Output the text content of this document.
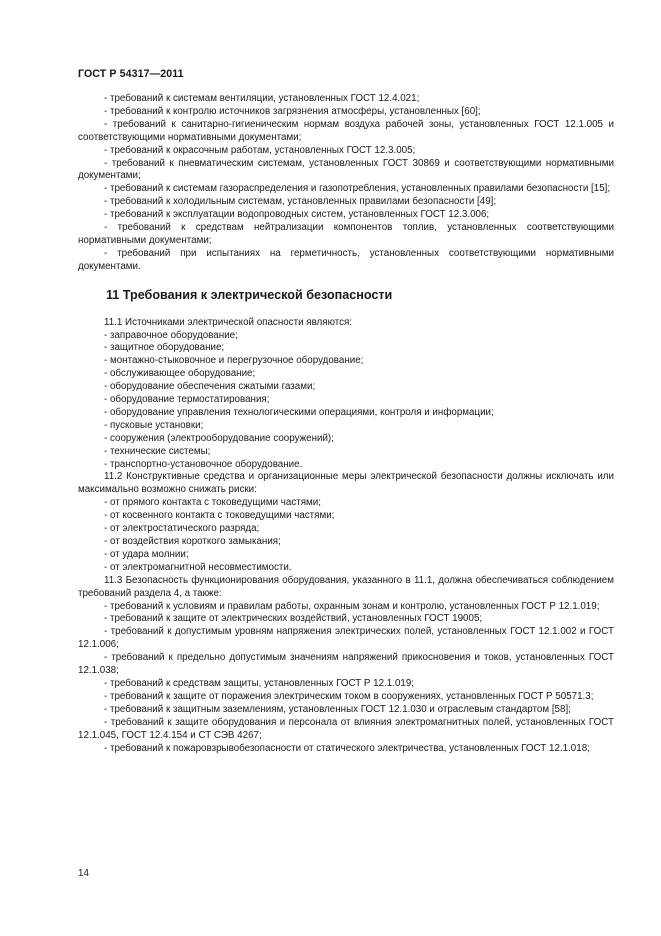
ГОСТ Р 54317—2011

- требований к системам вентиляции, установленных ГОСТ 12.4.021;

- требований к контролю источников загрязнения атмосферы, установленных [60];

- требований к санитарно-гигиеническим нормам воздуха рабочей зоны, установленных ГОСТ 12.1.005 и соответствующими нормативными документами;

- требований к окрасочным работам, установленных ГОСТ 12.3.005;

- требований к пневматическим системам, установленных ГОСТ 30869 и соответствующими нормативными документами;

- требований к системам газораспределения и газопотребления, установленных правилами безопасности [15];

- требований к холодильным системам, установленных правилами безопасности [49];

- требований к эксплуатации водопроводных систем, установленных ГОСТ 12.3.006;

- требований к средствам нейтрализации компонентов топлив, установленных соответствующими нормативными документами;

- требований при испытаниях на герметичность, установленных соответствующими нормативными документами.

11 Требования к электрической безопасности

11.1 Источниками электрической опасности являются:

- заправочное оборудование;

- защитное оборудование;

- монтажно-стыковочное и перегрузочное оборудование;

- обслуживающее оборудование;

- оборудование обеспечения сжатыми газами;

- оборудование термостатирования;

- оборудование управления технологическими операциями, контроля и информации;

- пусковые установки;

- сооружения (электрооборудование сооружений);

- технические системы;

- транспортно-установочное оборудование.

11.2 Конструктивные средства и организационные меры электрической безопасности должны исключать или максимально возможно снижать риски:

- от прямого контакта с токоведущими частями;

- от косвенного контакта с токоведущими частями;

- от электростатического разряда;

- от воздействия короткого замыкания;

- от удара молнии;

- от электромагнитной несовместимости.

11.3 Безопасность функционирования оборудования, указанного в 11.1, должна обеспечиваться соблюдением требований раздела 4, а также:

- требований к условиям и правилам работы, охранным зонам и контролю, установленных ГОСТ Р 12.1.019;

- требований к защите от электрических воздействий, установленных ГОСТ 19005;

- требований к допустимым уровням напряжения электрических полей, установленных ГОСТ 12.1.002 и ГОСТ 12.1.006;

- требований к предельно допустимым значениям напряжений прикосновения и токов, установленных ГОСТ 12.1.038;

- требований к средствам защиты, установленных ГОСТ Р 12.1.019;

- требований к защите от поражения электрическим током в сооружениях, установленных ГОСТ Р 50571.3;

- требований к защитным заземлениям, установленных ГОСТ 12.1.030 и отраслевым стандартом [58];

- требований к защите оборудования и персонала от влияния электромагнитных полей, установленных ГОСТ 12.1.045, ГОСТ 12.4.154 и СТ СЭВ 4267;

- требований к пожаровзрывобезопасности от статического электричества, установленных ГОСТ 12.1.018;

14
